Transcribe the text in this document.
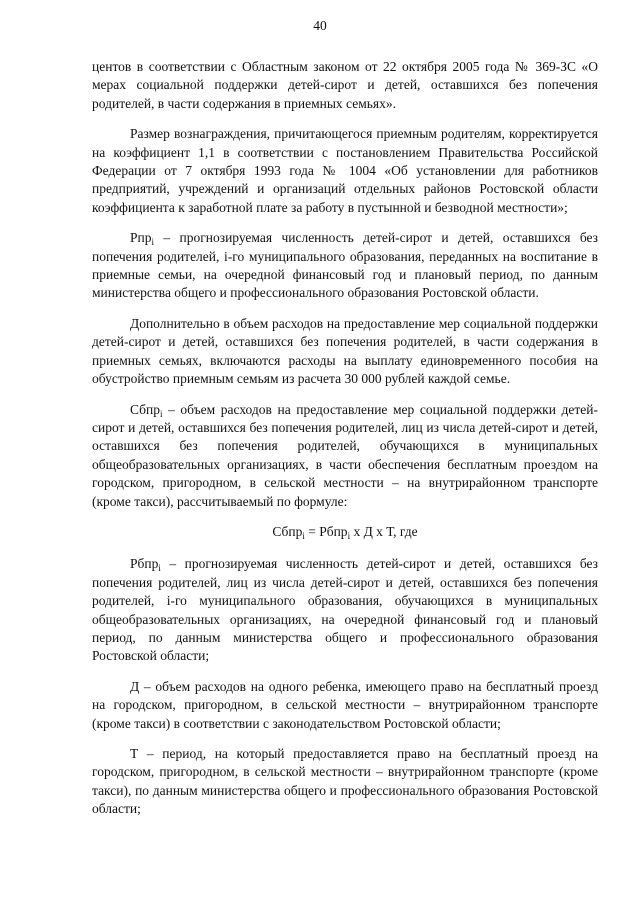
40

центов в соответствии с Областным законом от 22 октября 2005 года № 369-ЗС «О мерах социальной поддержки детей-сирот и детей, оставшихся без попечения родителей, в части содержания в приемных семьях».

Размер вознаграждения, причитающегося приемным родителям, корректируется на коэффициент 1,1 в соответствии с постановлением Правительства Российской Федерации от 7 октября 1993 года № 1004 «Об установлении для работников предприятий, учреждений и организаций отдельных районов Ростовской области коэффициента к заработной плате за работу в пустынной и безводной местности»;

Рпр$_i$ – прогнозируемая численность детей-сирот и детей, оставшихся без попечения родителей, i-го муниципального образования, переданных на воспитание в приемные семьи, на очередной финансовый год и плановый период, по данным министерства общего и профессионального образования Ростовской области.

Дополнительно в объем расходов на предоставление мер социальной поддержки детей-сирот и детей, оставшихся без попечения родителей, в части содержания в приемных семьях, включаются расходы на выплату единовременного пособия на обустройство приемным семьям из расчета 30 000 рублей каждой семье.

Сбпр$_i$ – объем расходов на предоставление мер социальной поддержки детей-сирот и детей, оставшихся без попечения родителей, лиц из числа детей-сирот и детей, оставшихся без попечения родителей, обучающихся в муниципальных общеобразовательных организациях, в части обеспечения бесплатным проездом на городском, пригородном, в сельской местности – на внутрирайонном транспорте (кроме такси), рассчитываемый по формуле:

Сбпр$_i$ = Рбпр$_i$ х Д х Т, где

Рбпр$_i$ – прогнозируемая численность детей-сирот и детей, оставшихся без попечения родителей, лиц из числа детей-сирот и детей, оставшихся без попечения родителей, i-го муниципального образования, обучающихся в муниципальных общеобразовательных организациях, на очередной финансовый год и плановый период, по данным министерства общего и профессионального образования Ростовской области;

Д – объем расходов на одного ребенка, имеющего право на бесплатный проезд на городском, пригородном, в сельской местности – внутрирайонном транспорте (кроме такси) в соответствии с законодательством Ростовской области;

Т – период, на который предоставляется право на бесплатный проезд на городском, пригородном, в сельской местности – внутрирайонном транспорте (кроме такси), по данным министерства общего и профессионального образования Ростовской области;
